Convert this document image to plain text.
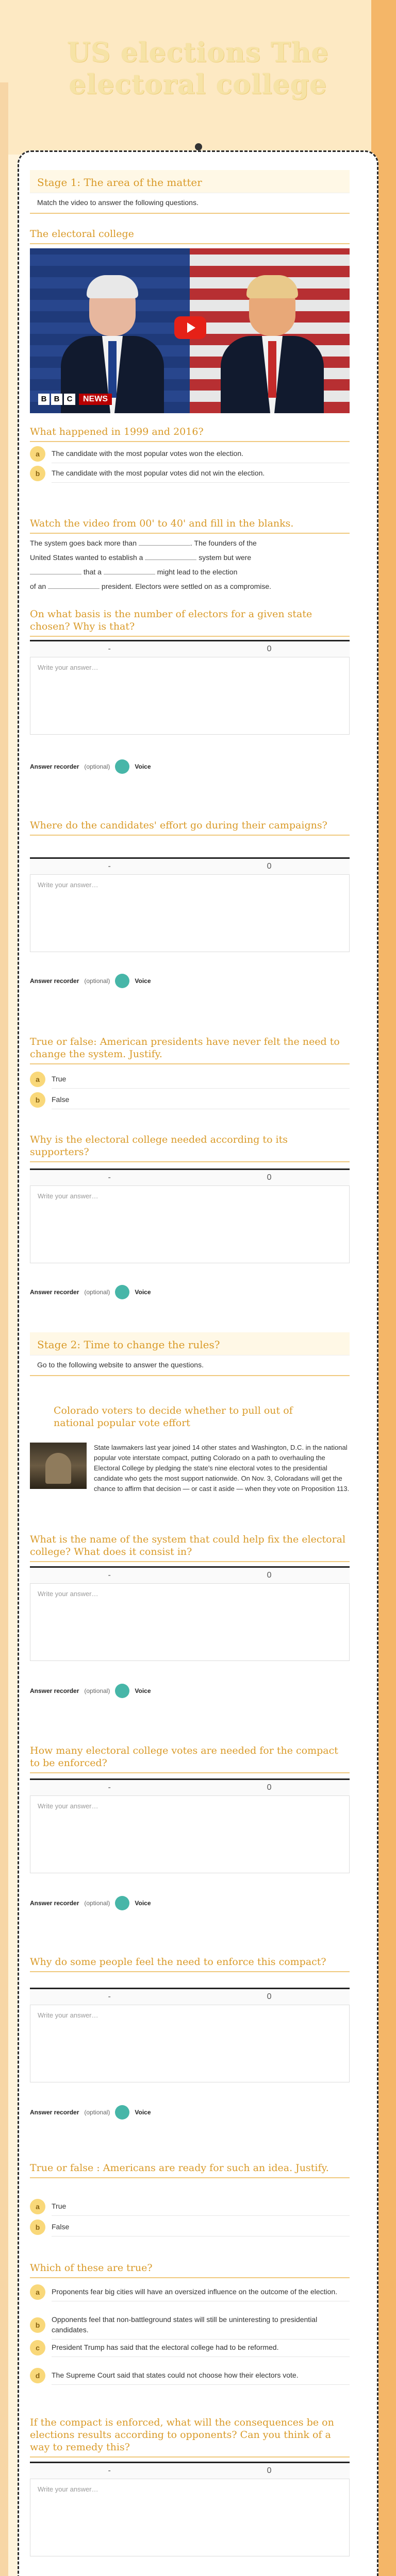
US elections The electoral college
Stage 1: The area of the matter
Match the video to answer the following questions.
The electoral college
B B C	NEWS
What happened in 1999 and 2016?
a	The candidate with the most popular votes won the election.
b	The candidate with the most popular votes did not win the election.
Watch the video from 00' to 40' and fill in the blanks.
The system goes back more than	. The founders of the
United States wanted to establish a	system but were
that a	might lead to the election
of an	president. Electors were settled on as a compromise.
On what basis is the number of electors for a given state chosen? Why is that?
-	0
Write your answer…
Answer recorder (optional)	Voice
Where do the candidates' effort go during their campaigns?
-	0
Write your answer…
Answer recorder (optional)	Voice
True or false: American presidents have never felt the need to change the system. Justify.
a	True
b	False
Why is the electoral college needed according to its supporters?
-	0
Write your answer…
Answer recorder (optional)	Voice
Stage 2: Time to change the rules?
Go to the following website to answer the questions.
Colorado voters to decide whether to pull out of national popular vote effort
State lawmakers last year joined 14 other states and Washington, D.C. in the national popular vote interstate compact, putting Colorado on a path to overhauling the Electoral College by pledging the state's nine electoral votes to the presidential candidate who gets the most support nationwide. On Nov. 3, Coloradans will get the chance to affirm that decision — or cast it aside — when they vote on Proposition 113.
What is the name of the system that could help fix the electoral college? What does it consist in?
-	0
Write your answer…
Answer recorder (optional)	Voice
How many electoral college votes are needed for the compact to be enforced?
-	0
Write your answer…
Answer recorder (optional)	Voice
Why do some people feel the need to enforce this compact?
-	0
Write your answer…
Answer recorder (optional)	Voice
True or false : Americans are ready for such an idea. Justify.
a	True
b	False
Which of these are true?
a	Proponents fear big cities will have an oversized influence on the outcome of the election.
b
Opponents feel that non-battleground states will still be uninteresting to presidential candidates.
c	President Trump has said that the electoral college had to be reformed.
d	The Supreme Court said that states could not choose how their electors vote.
If the compact is enforced, what will the consequences be on elections results according to opponents? Can you think of a way to remedy this?
-	0
Write your answer…
